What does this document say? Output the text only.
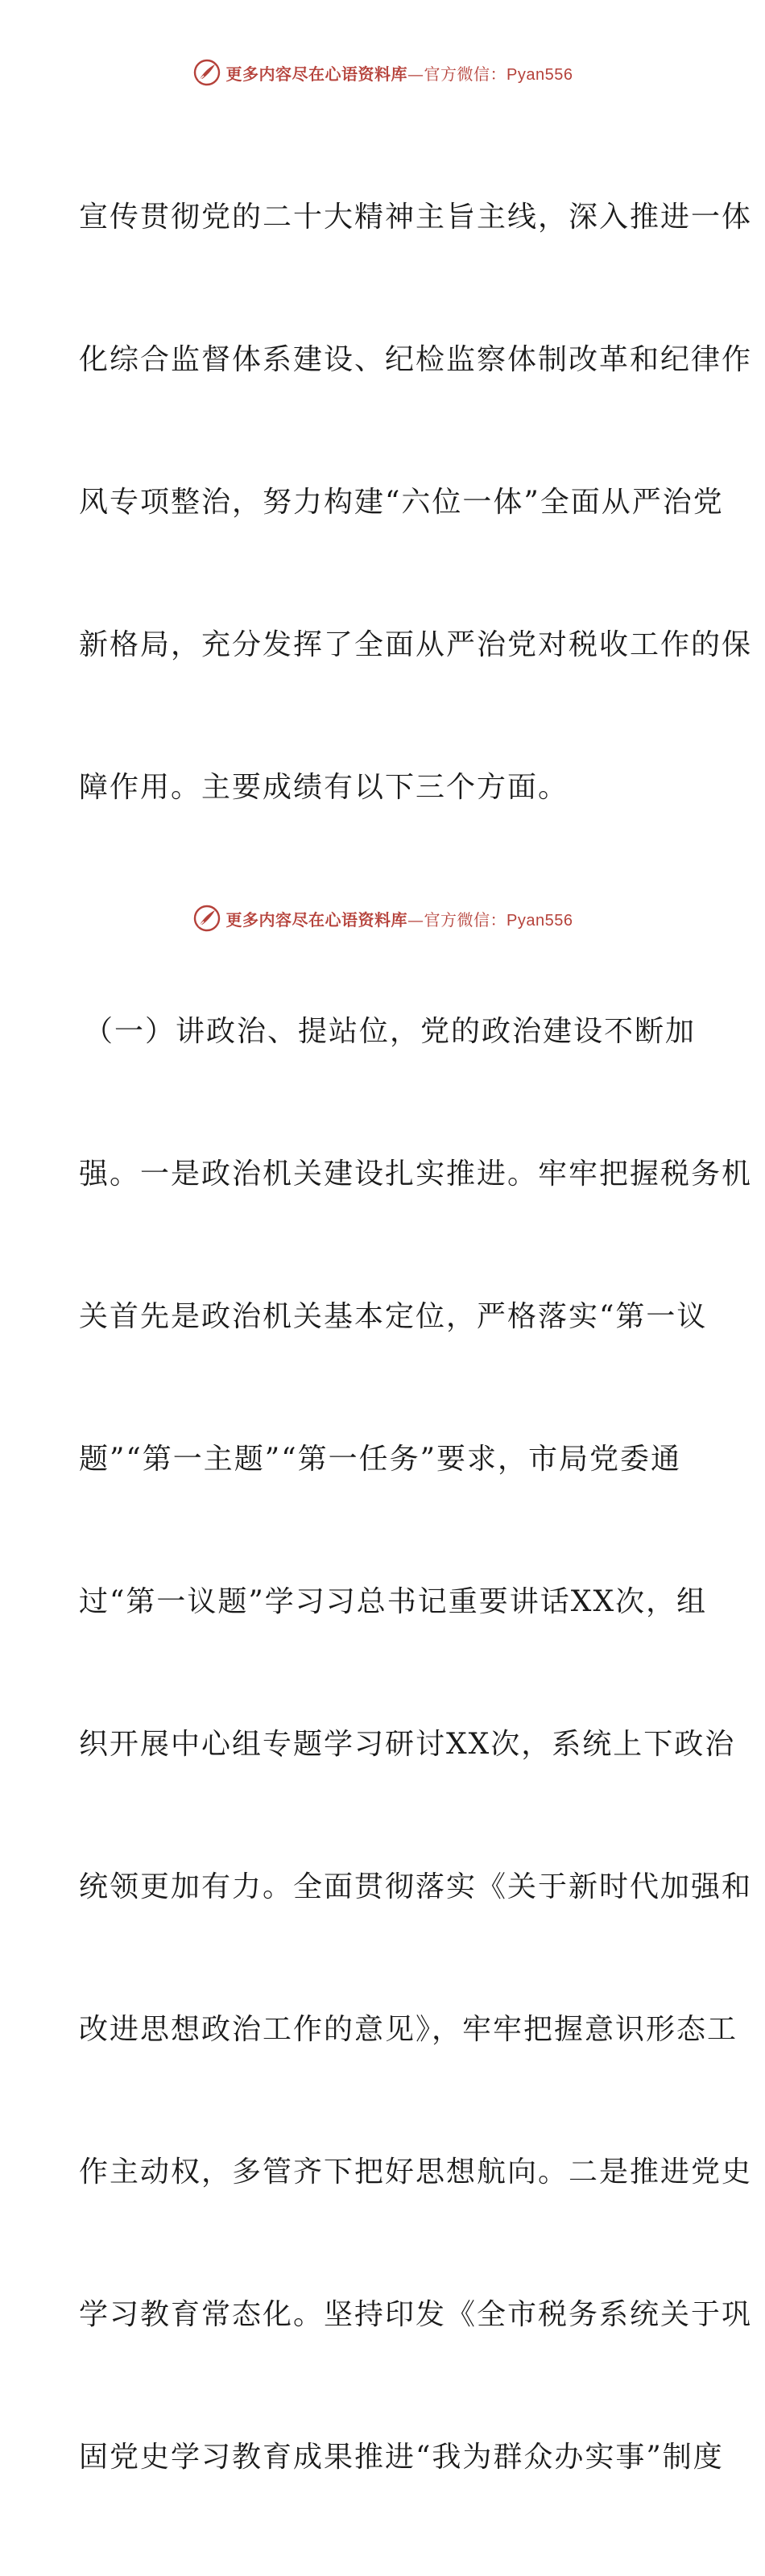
更多内容尽在心语资料库—官方微信：Pyan556

宣传贯彻党的二十大精神主旨主线，深入推进一体

化综合监督体系建设、纪检监察体制改革和纪律作

风专项整治，努力构建“六位一体”全面从严治党

新格局，充分发挥了全面从严治党对税收工作的保

障作用。主要成绩有以下三个方面。

（一）讲政治、提站位，党的政治建设不断加

强。一是政治机关建设扎实推进。牢牢把握税务机

关首先是政治机关基本定位，严格落实“第一议

题”“第一主题”“第一任务”要求，市局党委通

过“第一议题”学习习总书记重要讲话XX次，组

织开展中心组专题学习研讨XX次，系统上下政治

统领更加有力。全面贯彻落实《关于新时代加强和

改进思想政治工作的意见》，牢牢把握意识形态工

作主动权，多管齐下把好思想航向。二是推进党史

学习教育常态化。坚持印发《全市税务系统关于巩

固党史学习教育成果推进“我为群众办实事”制度

更多内容尽在心语资料库—官方微信：Pyan556
